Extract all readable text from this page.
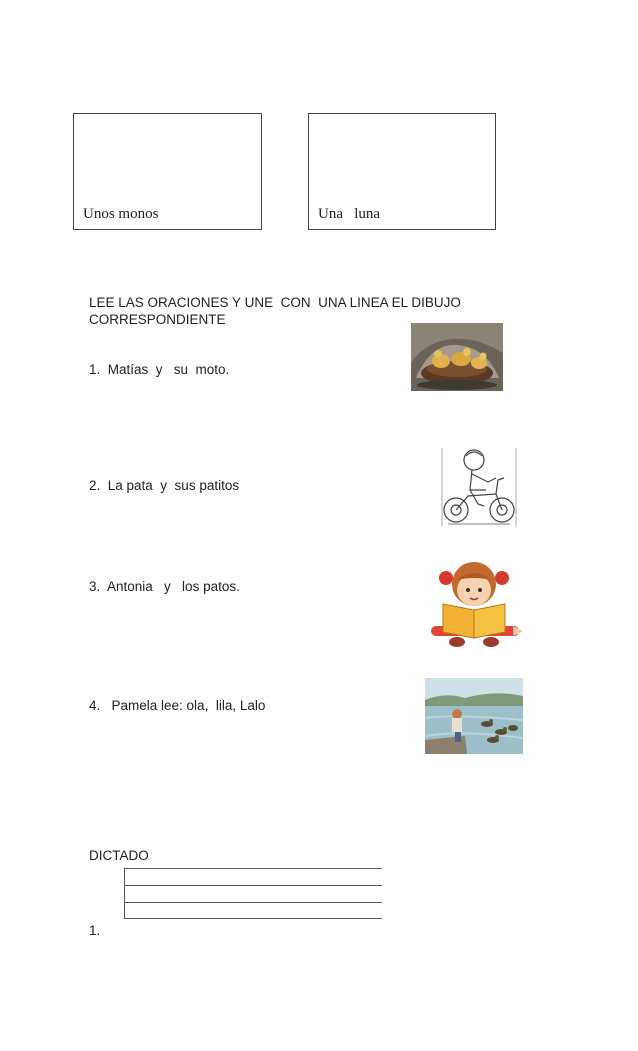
Unos monos	Una   luna
LEE LAS ORACIONES Y UNE  CON  UNA LINEA EL DIBUJO
CORRESPONDIENTE
1.  Matías  y   su  moto.
2.  La pata  y  sus patitos
3.  Antonia   y   los patos.
4.   Pamela lee: ola,  lila, Lalo
DICTADO
1.
